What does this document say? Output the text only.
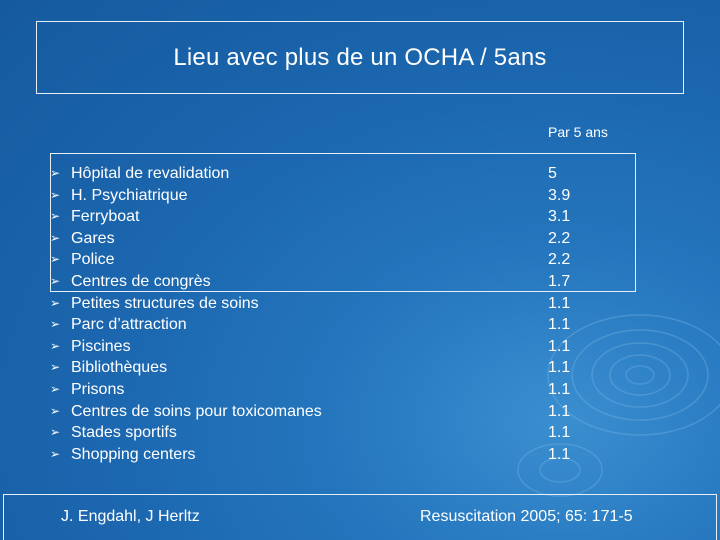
Lieu avec plus de un OCHA / 5ans
Par 5 ans
➢ Hôpital de revalidation	5
➢ H. Psychiatrique	3.9
➢ Ferryboat	3.1
➢ Gares	2.2
➢ Police	2.2
➢ Centres de congrès	1.7
➢ Petites structures de soins	1.1
➢ Parc d’attraction	1.1
➢ Piscines	1.1
➢ Bibliothèques	1.1
➢ Prisons	1.1
➢ Centres de soins pour toxicomanes	1.1
➢ Stades sportifs	1.1
➢ Shopping centers	1.1
J. Engdahl, J Herltz	Resuscitation 2005; 65: 171-5
